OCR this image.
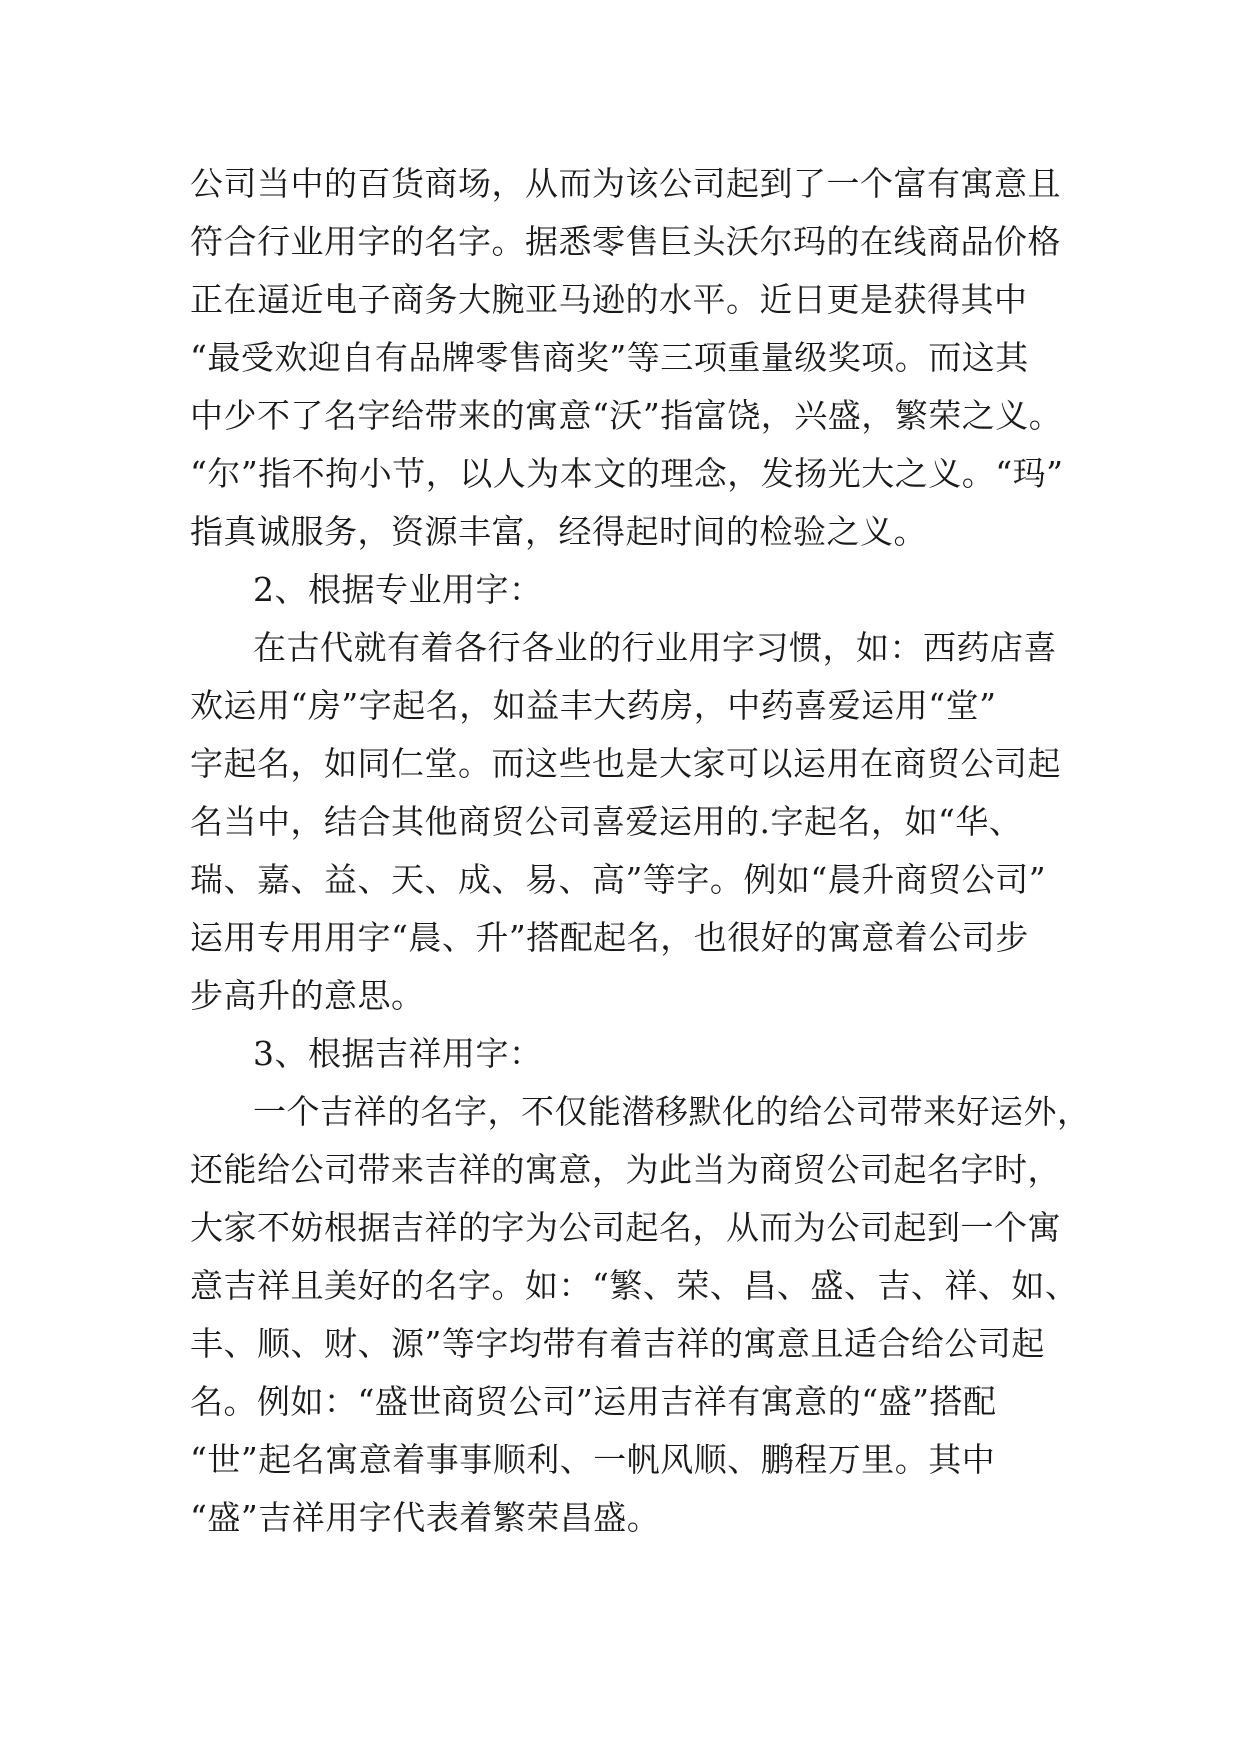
公司当中的百货商场，从而为该公司起到了一个富有寓意且
符合行业用字的名字。据悉零售巨头沃尔玛的在线商品价格
正在逼近电子商务大腕亚马逊的水平。近日更是获得其中
“最受欢迎自有品牌零售商奖”等三项重量级奖项。而这其
中少不了名字给带来的寓意“沃”指富饶，兴盛，繁荣之义。
“尔”指不拘小节，以人为本文的理念，发扬光大之义。“玛”
指真诚服务，资源丰富，经得起时间的检验之义。
2、根据专业用字：
在古代就有着各行各业的行业用字习惯，如：西药店喜
欢运用“房”字起名，如益丰大药房，中药喜爱运用“堂”
字起名，如同仁堂。而这些也是大家可以运用在商贸公司起
名当中，结合其他商贸公司喜爱运用的.字起名，如“华、
瑞、嘉、益、天、成、易、高”等字。例如“晨升商贸公司”
运用专用用字“晨、升”搭配起名，也很好的寓意着公司步
步高升的意思。
3、根据吉祥用字：
一个吉祥的名字，不仅能潜移默化的给公司带来好运外，
还能给公司带来吉祥的寓意，为此当为商贸公司起名字时，
大家不妨根据吉祥的字为公司起名，从而为公司起到一个寓
意吉祥且美好的名字。如：“繁、荣、昌、盛、吉、祥、如、
丰、顺、财、源”等字均带有着吉祥的寓意且适合给公司起
名。例如：“盛世商贸公司”运用吉祥有寓意的“盛”搭配
“世”起名寓意着事事顺利、一帆风顺、鹏程万里。其中
“盛”吉祥用字代表着繁荣昌盛。
